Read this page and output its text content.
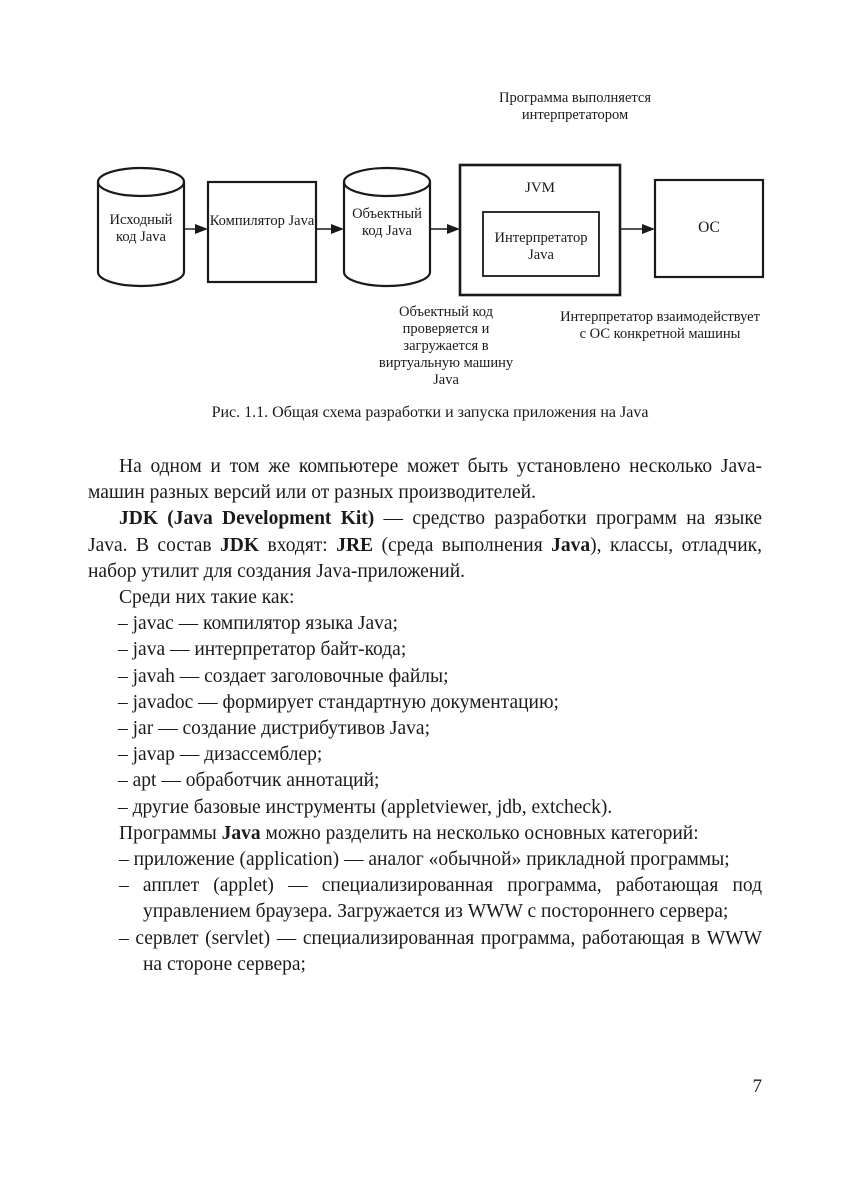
Программа выполняется интерпретатором
Исходный код Java
Компилятор Java	Объектный код Java
JVM
Интерпретатор Java
ОС
Объектный код проверяется и загружается в виртуальную машину Java
Интерпретатор взаимодействует с ОС конкретной машины
Рис. 1.1. Общая схема разработки и запуска приложения на Java

На одном и том же компьютере может быть установлено несколько Java-машин разных версий или от разных производителей.

JDK (Java Development Kit) — средство разработки программ на языке Java. В состав JDK входят: JRE (среда выполнения Java), классы, отладчик, набор утилит для создания Java-приложений.

Среди них такие как:

– javac — компилятор языка Java;

– java — интерпретатор байт-кода;

– javah — создает заголовочные файлы;

– javadoc — формирует стандартную документацию;

– jar — создание дистрибутивов Java;

– javap — дизассемблер;

– apt — обработчик аннотаций;

– другие базовые инструменты (appletviewer, jdb, extcheck).

Программы Java можно разделить на несколько основных категорий:

– приложение (application) — аналог «обычной» прикладной программы;

– апплет (applet) — специализированная программа, работающая под управлением браузера. Загружается из WWW с постороннего сервера;

– сервлет (servlet) — специализированная программа, работающая в WWW на стороне сервера;

7
